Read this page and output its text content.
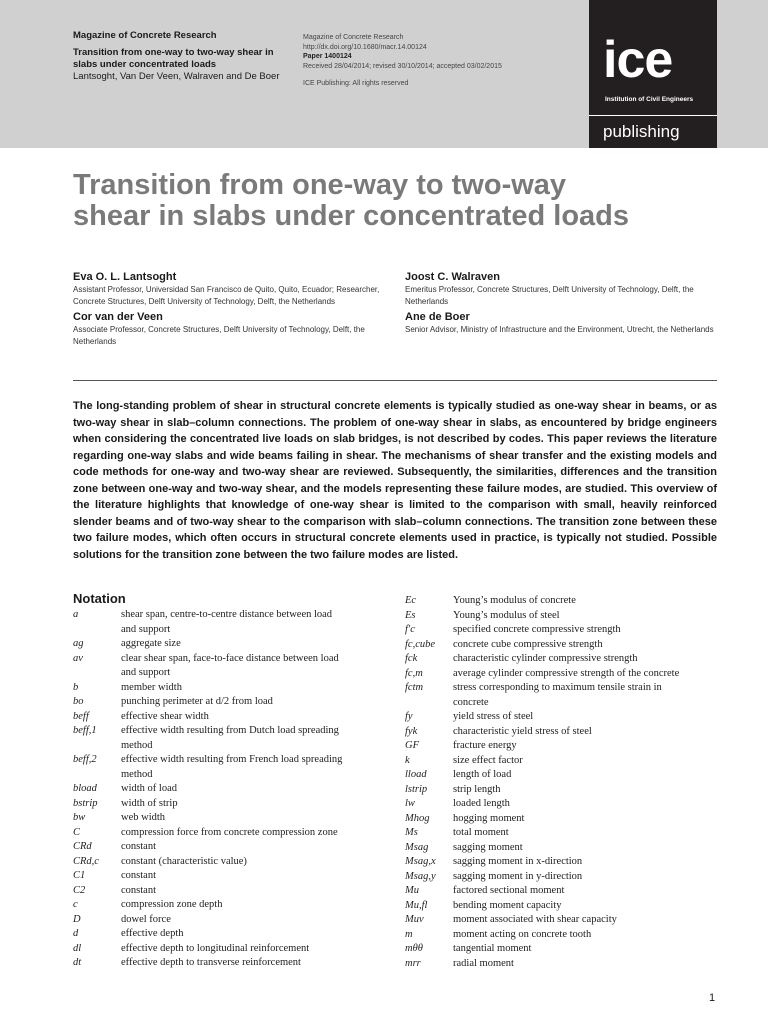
Magazine of Concrete Research
Transition from one-way to two-way shear in slabs under concentrated loads
Lantsoght, Van Der Veen, Walraven and De Boer
Magazine of Concrete Research
http://dx.doi.org/10.1680/macr.14.00124
Paper 1400124
Received 28/04/2014; revised 30/10/2014; accepted 03/02/2015
ICE Publishing: All rights reserved	ice
Institution of Civil Engineers
publishing
Transition from one-way to two-way shear in slabs under concentrated loads
Eva O. L. Lantsoght
Assistant Professor, Universidad San Francisco de Quito, Quito, Ecuador; Researcher, Concrete Structures, Delft University of Technology, Delft, the Netherlands
Cor van der Veen
Associate Professor, Concrete Structures, Delft University of Technology, Delft, the Netherlands
Joost C. Walraven
Emeritus Professor, Concrete Structures, Delft University of Technology, Delft, the Netherlands
Ane de Boer
Senior Advisor, Ministry of Infrastructure and the Environment, Utrecht, the Netherlands

The long-standing problem of shear in structural concrete elements is typically studied as one-way shear in beams, or as two-way shear in slab–column connections. The problem of one-way shear in slabs, as encountered by bridge engineers when considering the concentrated live loads on slab bridges, is not described by codes. This paper reviews the literature regarding one-way slabs and wide beams failing in shear. The mechanisms of shear transfer and the existing models and code methods for one-way and two-way shear are reviewed. Subsequently, the similarities, differences and the transition zone between one-way and two-way shear, and the models representing these failure modes, are studied. This overview of the literature highlights that knowledge of one-way shear is limited to the comparison with small, heavily reinforced slender beams and of two-way shear to the comparison with slab–column connections. The transition zone between these two failure modes, which often occurs in structural concrete elements used in practice, is typically not studied. Possible solutions for the transition zone between the two failure modes are listed.

Notation
a	shear span, centre-to-centre distance between load
and support
ag	aggregate size
av	clear shear span, face-to-face distance between load
and support
b	member width
bo	punching perimeter at d/2 from load
beff	effective shear width
beff,1	effective width resulting from Dutch load spreading
method
beff,2	effective width resulting from French load spreading
method
bload	width of load
bstrip	width of strip
bw	web width
C	compression force from concrete compression zone
CRd	constant
CRd,c	constant (characteristic value)
C1	constant
C2	constant
c	compression zone depth
D	dowel force
d	effective depth
dl	effective depth to longitudinal reinforcement
dt	effective depth to transverse reinforcement
Ec	Young’s modulus of concrete
Es	Young’s modulus of steel
f′c	specified concrete compressive strength
fc,cube	concrete cube compressive strength
fck	characteristic cylinder compressive strength
fc,m	average cylinder compressive strength of the concrete
fctm	stress corresponding to maximum tensile strain in
concrete
fy	yield stress of steel
fyk	characteristic yield stress of steel
GF	fracture energy
k	size effect factor
lload	length of load
lstrip	strip length
lw	loaded length
Mhog	hogging moment
Ms	total moment
Msag	sagging moment
Msag,x	sagging moment in x-direction
Msag,y	sagging moment in y-direction
Mu	factored sectional moment
Mu,fl	bending moment capacity
Muv	moment associated with shear capacity
m	moment acting on concrete tooth
mθθ	tangential moment
mrr	radial moment
1
